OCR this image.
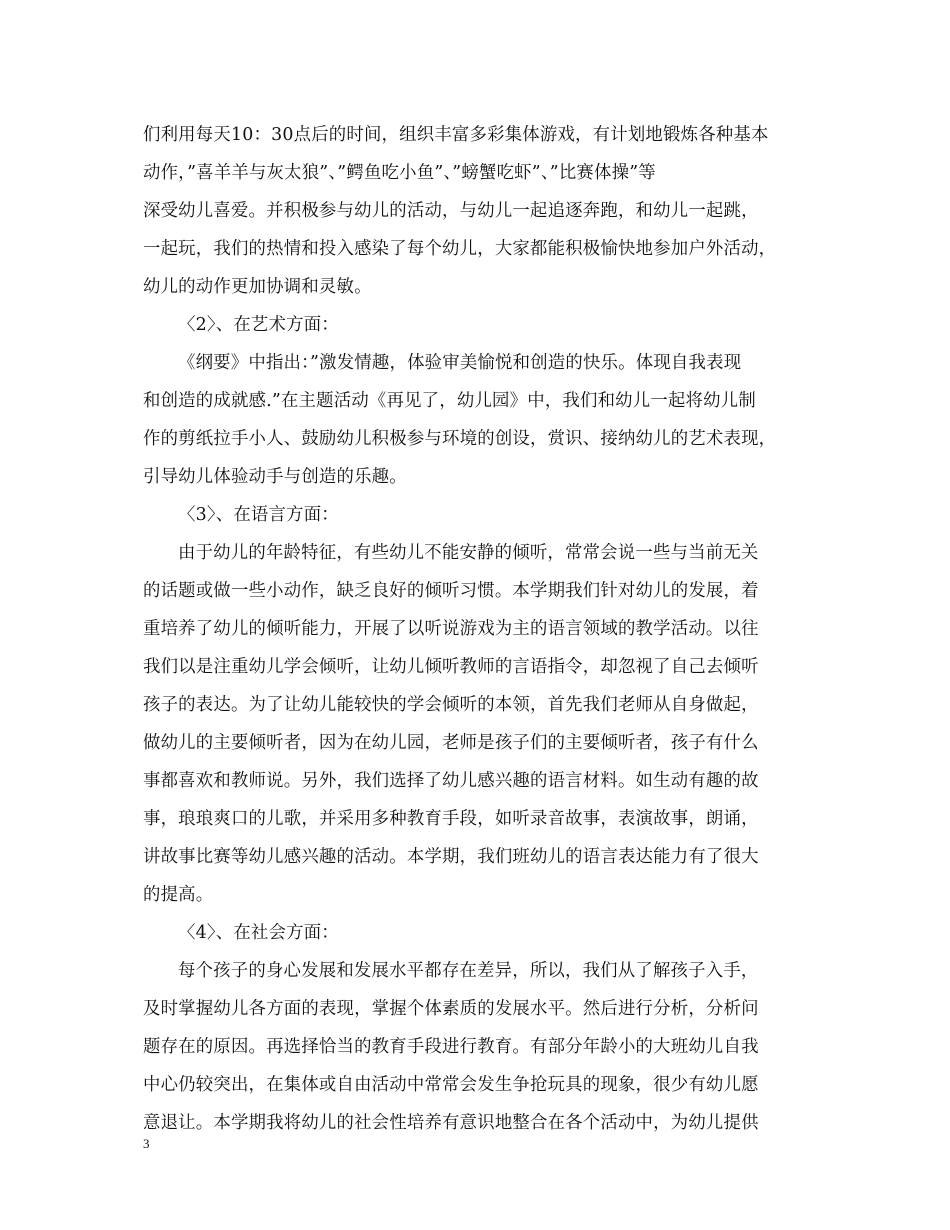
们利用每天10：30点后的时间，组织丰富多彩集体游戏，有计划地锻炼各种基本
动作，”喜羊羊与灰太狼”、”鳄鱼吃小鱼”、”螃蟹吃虾”、”比赛体操”等
深受幼儿喜爱。并积极参与幼儿的活动，与幼儿一起追逐奔跑，和幼儿一起跳，
一起玩，我们的热情和投入感染了每个幼儿，大家都能积极愉快地参加户外活动，
幼儿的动作更加协调和灵敏。
〈2〉、在艺术方面：
《纲要》中指出：”激发情趣，体验审美愉悦和创造的快乐。体现自我表现
和创造的成就感.”在主题活动《再见了，幼儿园》中，我们和幼儿一起将幼儿制
作的剪纸拉手小人、鼓励幼儿积极参与环境的创设，赏识、接纳幼儿的艺术表现，
引导幼儿体验动手与创造的乐趣。
〈3〉、在语言方面：
由于幼儿的年龄特征，有些幼儿不能安静的倾听，常常会说一些与当前无关
的话题或做一些小动作，缺乏良好的倾听习惯。本学期我们针对幼儿的发展，着
重培养了幼儿的倾听能力，开展了以听说游戏为主的语言领域的教学活动。以往
我们以是注重幼儿学会倾听，让幼儿倾听教师的言语指令，却忽视了自己去倾听
孩子的表达。为了让幼儿能较快的学会倾听的本领，首先我们老师从自身做起，
做幼儿的主要倾听者，因为在幼儿园，老师是孩子们的主要倾听者，孩子有什么
事都喜欢和教师说。另外，我们选择了幼儿感兴趣的语言材料。如生动有趣的故
事，琅琅爽口的儿歌，并采用多种教育手段，如听录音故事，表演故事，朗诵，
讲故事比赛等幼儿感兴趣的活动。本学期，我们班幼儿的语言表达能力有了很大
的提高。
〈4〉、在社会方面：
每个孩子的身心发展和发展水平都存在差异，所以，我们从了解孩子入手，
及时掌握幼儿各方面的表现，掌握个体素质的发展水平。然后进行分析，分析问
题存在的原因。再选择恰当的教育手段进行教育。有部分年龄小的大班幼儿自我
中心仍较突出，在集体或自由活动中常常会发生争抢玩具的现象，很少有幼儿愿
意退让。本学期我将幼儿的社会性培养有意识地整合在各个活动中，为幼儿提供
3
